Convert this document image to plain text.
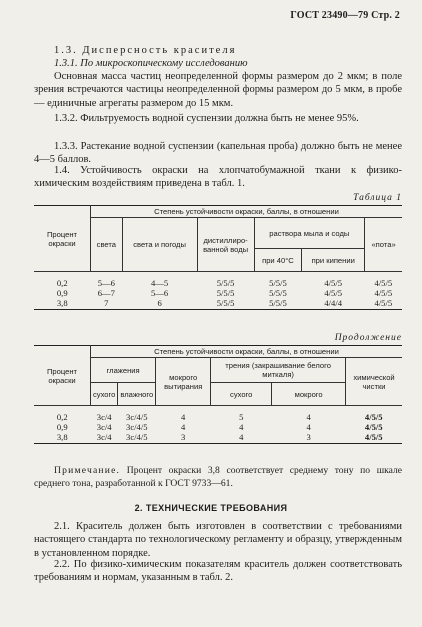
ГОСТ 23490—79 Стр. 2
1.3. Дисперсность красителя
1.3.1. По микроскопическому исследованию
Основная масса частиц неопределенной формы размером до 2 мкм; в поле зрения встречаются частицы неопределенной формы размером до 5 мкм, в пробе — единичные агрегаты размером до 15 мкм.
1.3.2. Фильтруемость водной суспензии должна быть не менее 95%.
1.3.3. Растекание водной суспензии (капельная проба) должно быть не менее 4—5 баллов.
1.4. Устойчивость окраски на хлопчатобумажной ткани к физико-химическим воздействиям приведена в табл. 1.
Таблица 1
Процент окраски	Степень устойчивости окраски, баллы, в отношении					
	света	света и погоды	дистиллиро-ванной воды	раствора мыла и соды		«пота»
				при 40°С	при кипении	
0,2	5—6	4—5	5/5/5	5/5/5	4/5/5	4/5/5
0,9	6—7	5—6	5/5/5	5/5/5	4/5/5	4/5/5
3,8	7	6	5/5/5	5/5/5	4/4/4	4/5/5
Продолжение
Процент окраски	Степень устойчивости окраски, баллы, в отношении					
	глажения		мокрого вытирания	трения (закрашивание белого миткаля)		химической чистки
	сухого	влажного		сухого	мокрого	
0,2	3с/4	3с/4/5	4	5	4	4/5/5
0,9	3с/4	3с/4/5	4	4	4	4/5/5
3,8	3с/4	3с/4/5	3	4	3	4/5/5
Примечание. Процент окраски 3,8 соответствует среднему тону по шкале среднего тона, разработанной к ГОСТ 9733—61.
2. ТЕХНИЧЕСКИЕ ТРЕБОВАНИЯ
2.1. Краситель должен быть изготовлен в соответствии с требованиями настоящего стандарта по технологическому регламенту и образцу, утвержденным в установленном порядке.
2.2. По физико-химическим показателям краситель должен соответствовать требованиям и нормам, указанным в табл. 2.
